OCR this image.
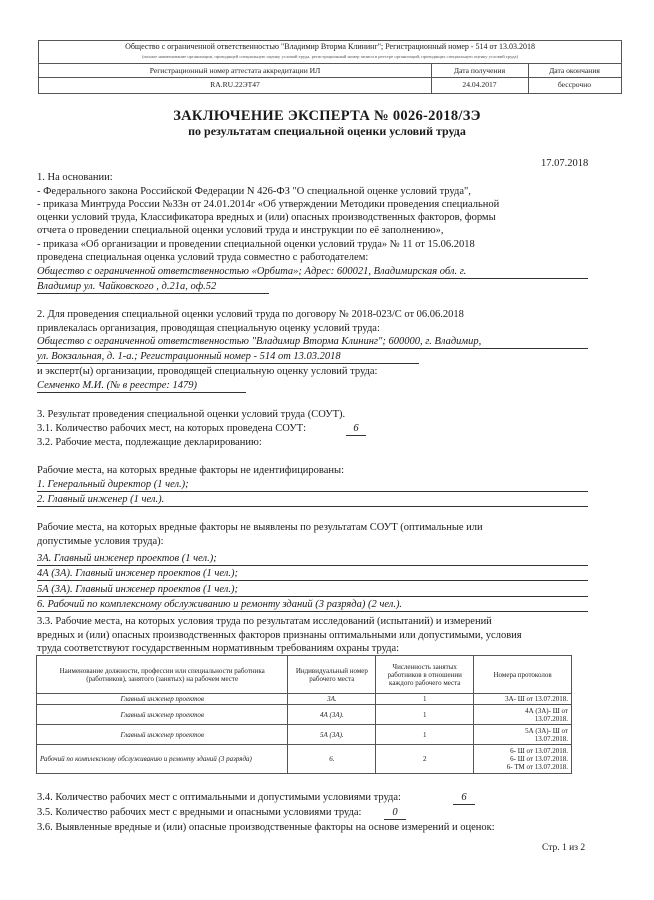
Общество с ограниченной ответственностью "Владимир Вторма Клининг"; Регистрационный номер - 514 от 13.03.2018
(полное наименование организации, проводящей специальную оценку условий труда, регистрационный номер записи в реестре организаций, проводящих специальную оценку условий труда)
Регистрационный номер аттестата аккредитации ИЛ	Дата получения	Дата окончания
RA.RU.22ЭТ47	24.04.2017	бессрочно
ЗАКЛЮЧЕНИЕ ЭКСПЕРТА № 0026-2018/ЗЭ
по результатам специальной оценки условий труда
17.07.2018
1. На основании:
- Федерального закона Российской Федерации N 426-ФЗ "О специальной оценке условий труда",
- приказа Минтруда России №33н от 24.01.2014г «Об утверждении Методики проведения специальной
оценки условий труда, Классификатора вредных и (или) опасных производственных факторов, формы
отчета о проведении специальной оценки условий труда и инструкции по её заполнению»,
- приказа «Об организации и проведении специальной оценки условий труда» № 11 от 15.06.2018
проведена специальная оценка условий труда совместно с работодателем:
Общество с ограниченной ответственностью «Орбита»; Адрес: 600021, Владимирская обл. г.
Владимир ул. Чайковского , д.21а, оф.52
2. Для проведения специальной оценки условий труда по договору № 2018-023/С от 06.06.2018
привлекалась организация, проводящая специальную оценку условий труда:
Общество с ограниченной ответственностью "Владимир Вторма Клининг"; 600000, г. Владимир,
ул. Вокзальная, д. 1-а.; Регистрационный номер - 514 от 13.03.2018
и эксперт(ы) организации, проводящей специальную оценку условий труда:
Семченко М.И. (№ в реестре: 1479)
3. Результат проведения специальной оценки условий труда (СОУТ).
3.1. Количество рабочих мест, на которых проведена СОУТ:	6
3.2. Рабочие места, подлежащие декларированию:
Рабочие места, на которых вредные факторы не идентифицированы:
1. Генеральный директор (1 чел.);
2. Главный инженер (1 чел.).
Рабочие места, на которых вредные факторы не выявлены по результатам СОУТ (оптимальные или
допустимые условия труда):
3А. Главный инженер проектов (1 чел.);
4А (3А). Главный инженер проектов (1 чел.);
5А (3А). Главный инженер проектов (1 чел.);
6. Рабочий по комплексному обслуживанию и ремонту зданий (3 разряда) (2 чел.).
3.3. Рабочие места, на которых условия труда по результатам исследований (испытаний) и измерений
вредных и (или) опасных производственных факторов признаны оптимальными или допустимыми, условия
труда соответствуют государственным нормативным требованиям охраны труда:
Наименование должности, профессии или специальности работника (работников), занятого (занятых) на рабочем месте	Индивидуальный номер рабочего места	Численность занятых работников в отношении каждого рабочего места	Номера протоколов
Главный инженер проектов	3А.	1	3А- Ш от 13.07.2018.

Главный инженер проектов	4А (3А).	1	4А (3А)- Ш от
13.07.2018.

Главный инженер проектов	5А (3А).	1	5А (3А)- Ш от
13.07.2018.

Рабочий по комплексному обслуживанию и ремонту зданий (3 разряда)	6.	2	6- Ш от 13.07.2018.
6- Ш от 13.07.2018.
6- ТМ от 13.07.2018.
3.4. Количество рабочих мест с оптимальными и допустимыми условиями труда:	6
3.5. Количество рабочих мест с вредными и опасными условиями труда:	0
3.6. Выявленные вредные и (или) опасные производственные факторы на основе измерений и оценок:
Стр. 1 из 2
